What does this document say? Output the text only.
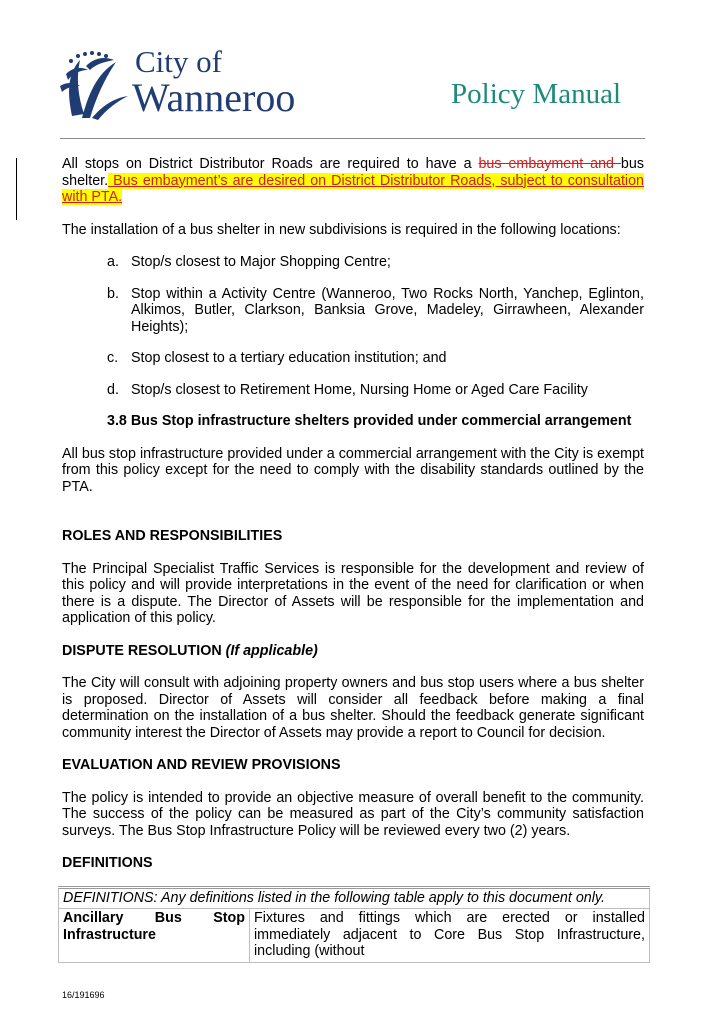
City of
Wanneroo	Policy Manual

All stops on District Distributor Roads are required to have a bus embayment and bus shelter. Bus embayment’s are desired on District Distributor Roads, subject to consultation with PTA.

The installation of a bus shelter in new subdivisions is required in the following locations:

a. Stop/s closest to Major Shopping Centre;
b. Stop within a Activity Centre (Wanneroo, Two Rocks North, Yanchep, Eglinton, Alkimos, Butler, Clarkson, Banksia Grove, Madeley, Girrawheen, Alexander Heights);
c. Stop closest to a tertiary education institution; and
d. Stop/s closest to Retirement Home, Nursing Home or Aged Care Facility

3.8 Bus Stop infrastructure shelters provided under commercial arrangement

All bus stop infrastructure provided under a commercial arrangement with the City is exempt from this policy except for the need to comply with the disability standards outlined by the PTA.

ROLES AND RESPONSIBILITIES

The Principal Specialist Traffic Services is responsible for the development and review of this policy and will provide interpretations in the event of the need for clarification or when there is a dispute. The Director of Assets will be responsible for the implementation and application of this policy.

DISPUTE RESOLUTION (If applicable)

The City will consult with adjoining property owners and bus stop users where a bus shelter is proposed. Director of Assets will consider all feedback before making a final determination on the installation of a bus shelter. Should the feedback generate significant community interest the Director of Assets may provide a report to Council for decision.

EVALUATION AND REVIEW PROVISIONS

The policy is intended to provide an objective measure of overall benefit to the community. The success of the policy can be measured as part of the City’s community satisfaction surveys. The Bus Stop Infrastructure Policy will be reviewed every two (2) years.

DEFINITIONS

DEFINITIONS: Any definitions listed in the following table apply to this document only.

Ancillary Bus Stop
Infrastructure
	Fixtures and fittings which are erected or installed immediately adjacent to Core Bus Stop Infrastructure, including (without
16/191696
